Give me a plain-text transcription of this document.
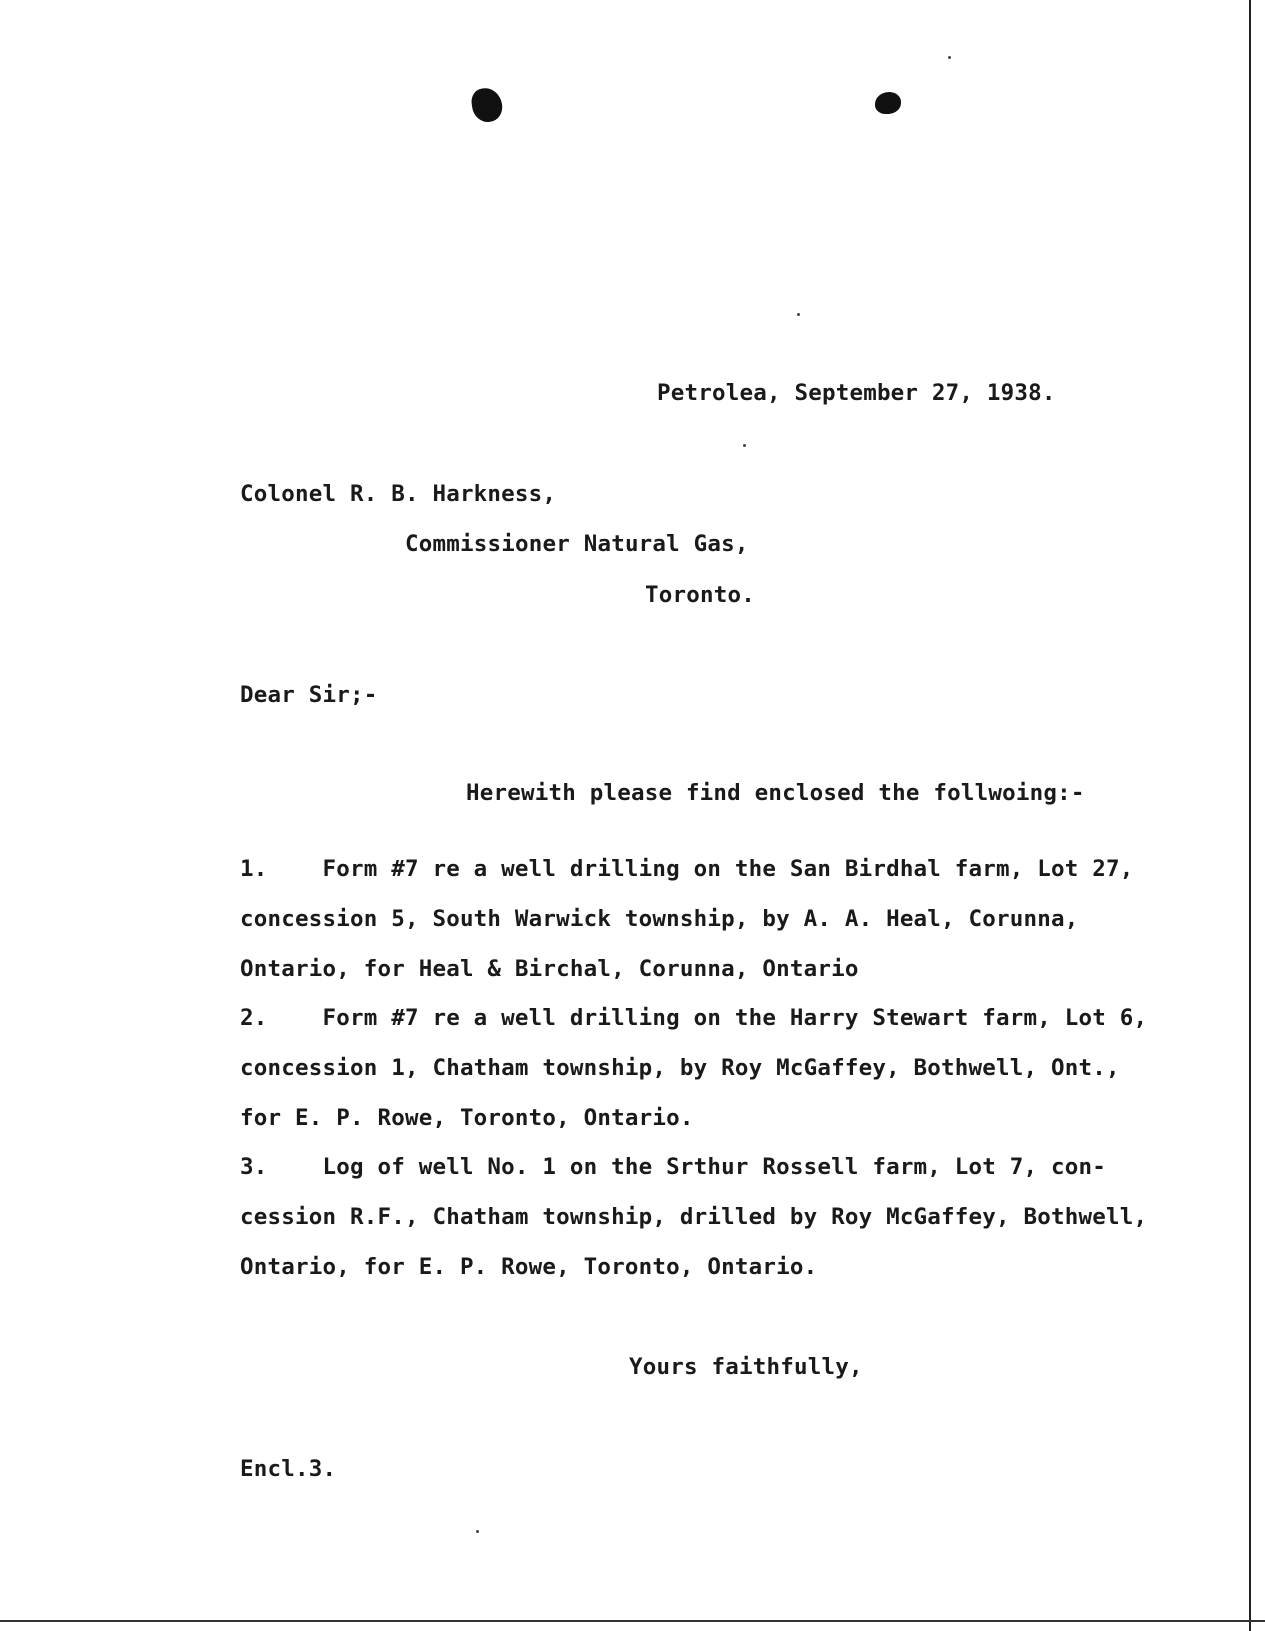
Petrolea, September 27, 1938.
Colonel R. B. Harkness,
Commissioner Natural Gas,
Toronto.
Dear Sir;-
Herewith please find enclosed the follwoing:-
1.    Form #7 re a well drilling on the San Birdhal farm, Lot 27,
concession 5, South Warwick township, by A. A. Heal, Corunna,
Ontario, for Heal & Birchal, Corunna, Ontario
2.    Form #7 re a well drilling on the Harry Stewart farm, Lot 6,
concession 1, Chatham township, by Roy McGaffey, Bothwell, Ont.,
for E. P. Rowe, Toronto, Ontario.
3.    Log of well No. 1 on the Srthur Rossell farm, Lot 7, con-
cession R.F., Chatham township, drilled by Roy McGaffey, Bothwell,
Ontario, for E. P. Rowe, Toronto, Ontario.
Yours faithfully,
Encl.3.
